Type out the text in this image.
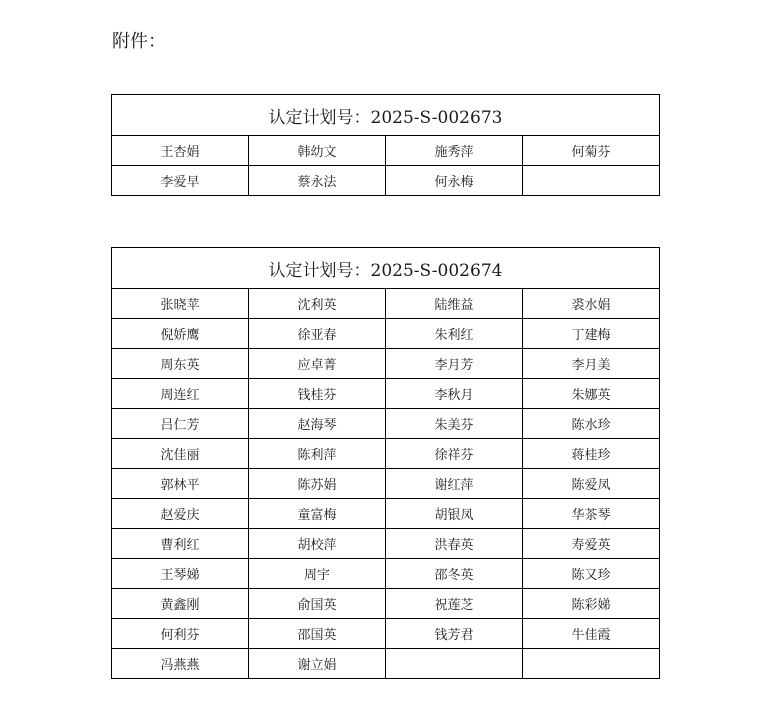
附件：
认定计划号：2025-S-002673			
王杏娟	韩幼文	施秀萍	何菊芬
李爱早	蔡永法	何永梅	
认定计划号：2025-S-002674			
张晓苹	沈利英	陆维益	裘水娟
倪娇鹰	徐亚春	朱利红	丁建梅
周东英	应卓菁	李月芳	李月美
周连红	钱桂芬	李秋月	朱娜英
吕仁芳	赵海琴	朱美芬	陈水珍
沈佳丽	陈利萍	徐祥芬	蒋桂珍
郭林平	陈苏娟	谢红萍	陈爱凤
赵爱庆	童富梅	胡银凤	华茶琴
曹利红	胡校萍	洪春英	寿爱英
王琴娣	周宇	邵冬英	陈又珍
黄鑫刚	俞国英	祝莲芝	陈彩娣
何利芬	邵国英	钱芳君	牛佳霞
冯燕燕	谢立娟		
